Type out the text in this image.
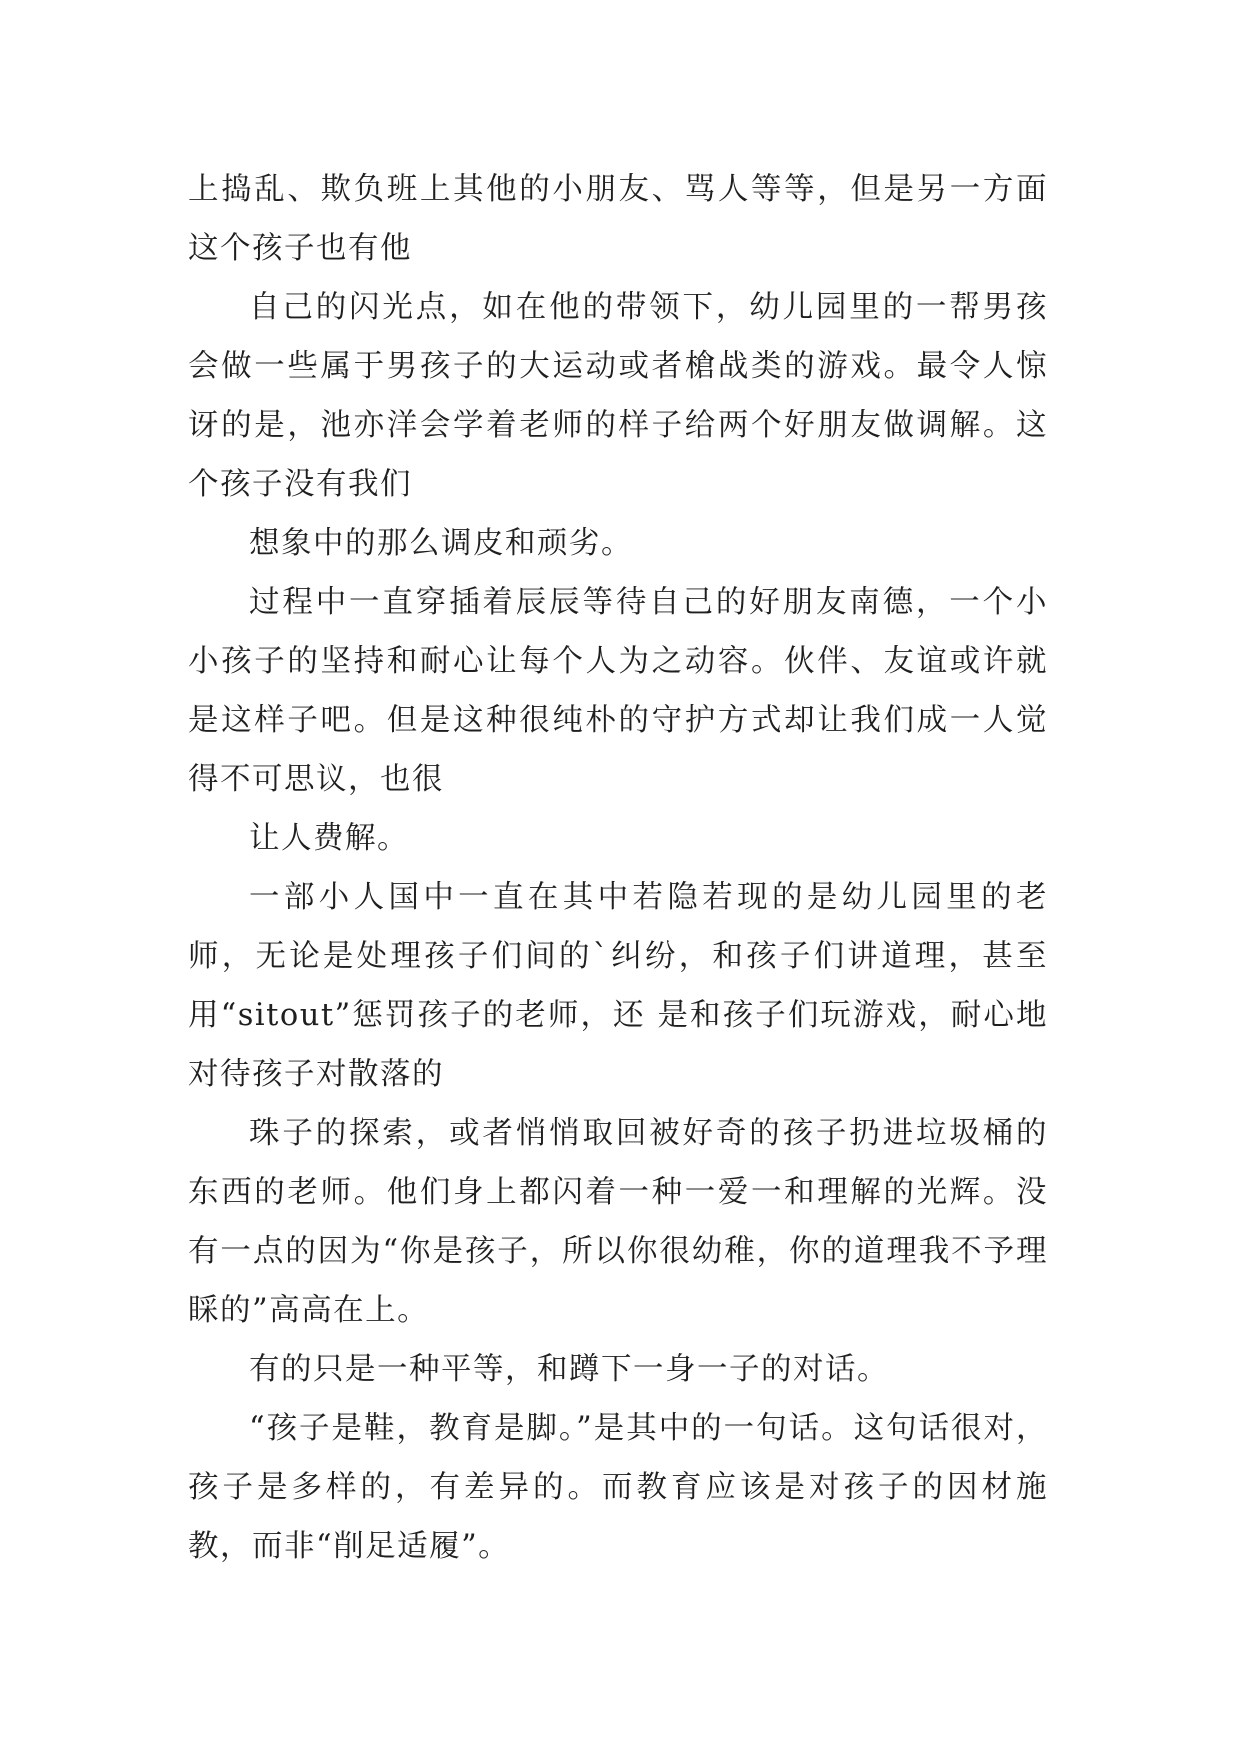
上捣乱、欺负班上其他的小朋友、骂人等等，但是另一方面这个孩子也有他

自己的闪光点，如在他的带领下，幼儿园里的一帮男孩会做一些属于男孩子的大运动或者槍战类的游戏。最令人惊讶的是，池亦洋会学着老师的样子给两个好朋友做调解。这个孩子没有我们

想象中的那么调皮和顽劣。

过程中一直穿插着辰辰等待自己的好朋友南德，一个小小孩子的坚持和耐心让每个人为之动容。伙伴、友谊或许就是这样子吧。但是这种很纯朴的守护方式却让我们成一人觉得不可思议，也很

让人费解。

一部小人国中一直在其中若隐若现的是幼儿园里的老师，无论是处理孩子们间的`纠纷，和孩子们讲道理，甚至用“sitout”惩罚孩子的老师，还 是和孩子们玩游戏，耐心地对待孩子对散落的

珠子的探索，或者悄悄取回被好奇的孩子扔进垃圾桶的东西的老师。他们身上都闪着一种一爱一和理解的光辉。没有一点的因为“你是孩子，所以你很幼稚，你的道理我不予理睬的”高高在上。

有的只是一种平等，和蹲下一身一子的对话。

“孩子是鞋，教育是脚。”是其中的一句话。这句话很对，孩子是多样的，有差异的。而教育应该是对孩子的因材施教，而非“削足适履”。
